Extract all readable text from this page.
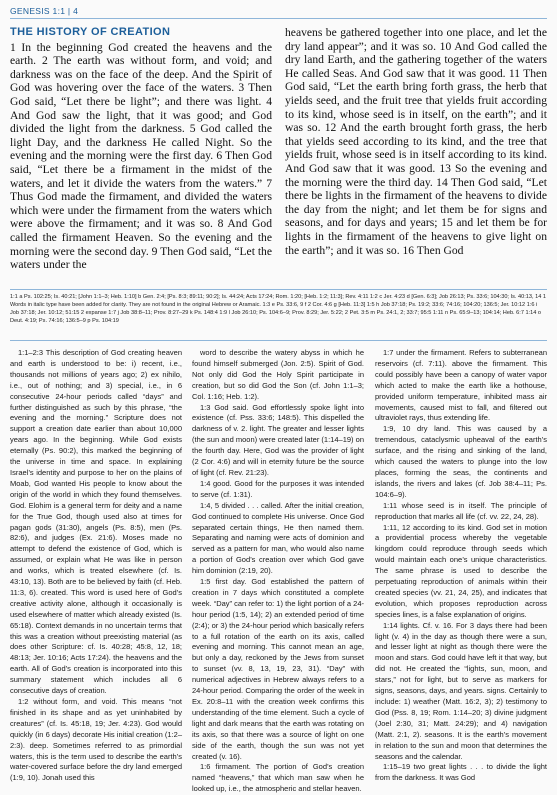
GENESIS 1:1 | 4
THE HISTORY OF CREATION
1 In the beginning God created the heavens and the earth. 2 The earth was without form, and void; and darkness was on the face of the deep. And the Spirit of God was hovering over the face of the waters. 3 Then God said, “Let there be light”; and there was light. 4 And God saw the light, that it was good; and God divided the light from the darkness. 5 God called the light Day, and the darkness He called Night. So the evening and the morning were the first day. 6 Then God said, “Let there be a firmament in the midst of the waters, and let it divide the waters from the waters.” 7 Thus God made the firmament, and divided the waters which were under the firmament from the waters which were above the firmament; and it was so. 8 And God called the firmament Heaven. So the evening and the morning were the second day. 9 Then God said, “Let the waters under the
heavens be gathered together into one place, and let the dry land appear”; and it was so. 10 And God called the dry land Earth, and the gathering together of the waters He called Seas. And God saw that it was good. 11 Then God said, “Let the earth bring forth grass, the herb that yields seed, and the fruit tree that yields fruit according to its kind, whose seed is in itself, on the earth”; and it was so. 12 And the earth brought forth grass, the herb that yields seed according to its kind, and the tree that yields fruit, whose seed is in itself according to its kind. And God saw that it was good. 13 So the evening and the morning were the third day. 14 Then God said, “Let there be lights in the firmament of the heavens to divide the day from the night; and let them be for signs and seasons, and for days and years; 15 and let them be for lights in the firmament of the heavens to give light on the earth”; and it was so. 16 Then God
1:1 a Ps. 102:25; Is. 40:21; [John 1:1–3; Heb. 1:10] b Gen. 2:4; [Ps. 8:3; 89:11; 90:2]; Is. 44:24; Acts 17:24; Rom. 1:20; [Heb. 1:2; 11:3]; Rev. 4:11 1:2 c Jer. 4:23 d [Gen. 6:3]; Job 26:13; Ps. 33:6; 104:30; Is. 40:13, 14 1 Words in italic type have been added for clarity. They are not found in the original Hebrew or Aramaic. 1:3 e Ps. 33:6, 9 f 2 Cor. 4:6 g [Heb. 11:3] 1:5 h Job 37:18; Ps. 19:2; 33:6; 74:16; 104:20; 136:5; Jer. 10:12 1:6 i Job 37:18; Jer. 10:12; 51:15 2 expanse 1:7 j Job 38:8–11; Prov. 8:27–29 k Ps. 148:4 1:9 l Job 26:10; Ps. 104:6–9; Prov. 8:29; Jer. 5:22; 2 Pet. 3:5 m Ps. 24:1, 2; 33:7; 95:5 1:11 n Ps. 65:9–13; 104:14; Heb. 6:7 1:14 o Deut. 4:19; Ps. 74:16; 136:5–9 p Ps. 104:19

1:1–2:3 This description of God creating heaven and earth is understood to be: i) recent, i.e., thousands not millions of years ago; 2) ex nihilo, i.e., out of nothing; and 3) special, i.e., in 6 consecutive 24-hour periods called “days” and further distinguished as such by this phrase, “the evening and the morning.” Scripture does not support a creation date earlier than about 10,000 years ago. In the beginning. While God exists eternally (Ps. 90:2), this marked the beginning of the universe in time and space. In explaining Israel’s identity and purpose to her on the plains of Moab, God wanted His people to know about the origin of the world in which they found themselves. God. Elohim is a general term for deity and a name for the True God, though used also at times for pagan gods (31:30), angels (Ps. 8:5), men (Ps. 82:6), and judges (Ex. 21:6). Moses made no attempt to defend the existence of God, which is assumed, or explain what He was like in person and works, which is treated elsewhere (cf. Is. 43:10, 13). Both are to be believed by faith (cf. Heb. 11:3, 6). created. This word is used here of God’s creative activity alone, although it occasionally is used elsewhere of matter which already existed (Is. 65:18). Context demands in no uncertain terms that this was a creation without preexisting material (as does other Scripture: cf. Is. 40:28; 45:8, 12, 18; 48:13; Jer. 10:16; Acts 17:24). the heavens and the earth. All of God’s creation is incorporated into this summary statement which includes all 6 consecutive days of creation.

1:2 without form, and void. This means “not finished in its shape and as yet uninhabited by creatures” (cf. Is. 45:18, 19; Jer. 4:23). God would quickly (in 6 days) decorate His initial creation (1:2–2:3). deep. Sometimes referred to as primordial waters, this is the term used to describe the earth’s water-covered surface before the dry land emerged (1:9, 10). Jonah used this

word to describe the watery abyss in which he found himself submerged (Jon. 2:5). Spirit of God. Not only did God the Holy Spirit participate in creation, but so did God the Son (cf. John 1:1–3; Col. 1:16; Heb. 1:2).

1:3 God said. God effortlessly spoke light into existence (cf. Pss. 33:6; 148:5). This dispelled the darkness of v. 2. light. The greater and lesser lights (the sun and moon) were created later (1:14–19) on the fourth day. Here, God was the provider of light (2 Cor. 4:6) and will in eternity future be the source of light (cf. Rev. 21:23).

1:4 good. Good for the purposes it was intended to serve (cf. 1:31).

1:4, 5 divided . . . called. After the initial creation, God continued to complete His universe. Once God separated certain things, He then named them. Separating and naming were acts of dominion and served as a pattern for man, who would also name a portion of God’s creation over which God gave him dominion (2:19, 20).

1:5 first day. God established the pattern of creation in 7 days which constituted a complete week. “Day” can refer to: 1) the light portion of a 24-hour period (1:5, 14); 2) an extended period of time (2:4); or 3) the 24-hour period which basically refers to a full rotation of the earth on its axis, called evening and morning. This cannot mean an age, but only a day, reckoned by the Jews from sunset to sunset (vv. 8, 13, 19, 23, 31). “Day” with numerical adjectives in Hebrew always refers to a 24-hour period. Comparing the order of the week in Ex. 20:8–11 with the creation week confirms this understanding of the time element. Such a cycle of light and dark means that the earth was rotating on its axis, so that there was a source of light on one side of the earth, though the sun was not yet created (v. 16).

1:6 firmament. The portion of God’s creation named “heavens,” that which man saw when he looked up, i.e., the atmospheric and stellar heaven.

1:7 under the firmament. Refers to subterranean reservoirs (cf. 7:11). above the firmament. This could possibly have been a canopy of water vapor which acted to make the earth like a hothouse, provided uniform temperature, inhibited mass air movements, caused mist to fall, and filtered out ultraviolet rays, thus extending life.

1:9, 10 dry land. This was caused by a tremendous, cataclysmic upheaval of the earth’s surface, and the rising and sinking of the land, which caused the waters to plunge into the low places, forming the seas, the continents and islands, the rivers and lakes (cf. Job 38:4–11; Ps. 104:6–9).

1:11 whose seed is in itself. The principle of reproduction that marks all life (cf. vv. 22, 24, 28).

1:11, 12 according to its kind. God set in motion a providential process whereby the vegetable kingdom could reproduce through seeds which would maintain each one’s unique characteristics. The same phrase is used to describe the perpetuating reproduction of animals within their created species (vv. 21, 24, 25), and indicates that evolution, which proposes reproduction across species lines, is a false explanation of origins.

1:14 lights. Cf. v. 16. For 3 days there had been light (v. 4) in the day as though there were a sun, and lesser light at night as though there were the moon and stars. God could have left it that way, but did not. He created the “lights, sun, moon, and stars,” not for light, but to serve as markers for signs, seasons, days, and years. signs. Certainly to include: 1) weather (Matt. 16:2, 3); 2) testimony to God (Pss. 8, 19; Rom. 1:14–20; 3) divine judgment (Joel 2:30, 31; Matt. 24:29); and 4) navigation (Matt. 2:1, 2). seasons. It is the earth’s movement in relation to the sun and moon that determines the seasons and the calendar.

1:15–19 two great lights . . . to divide the light from the darkness. It was God
